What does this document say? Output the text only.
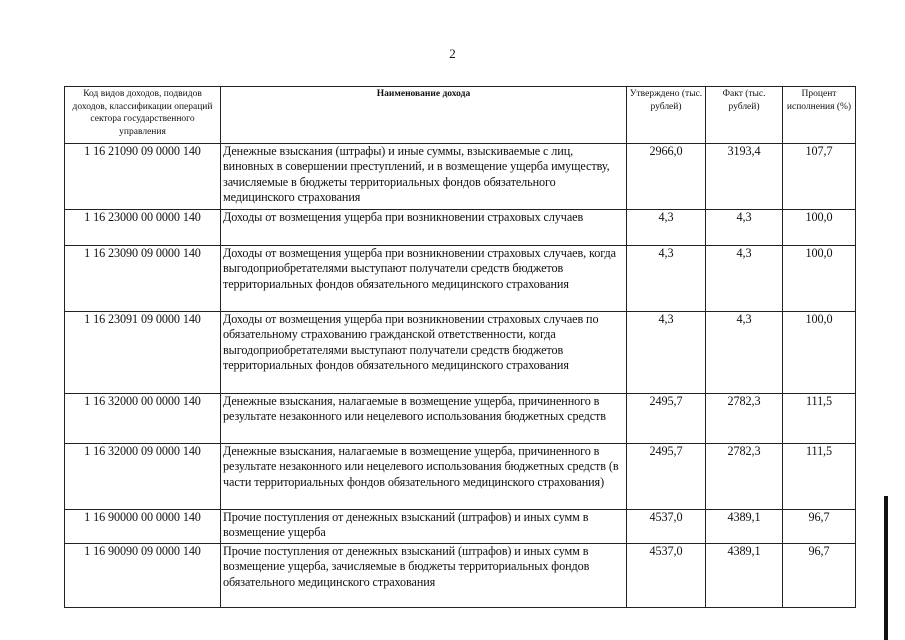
2
Код видов доходов, подвидов доходов, классификации операций сектора государственного управления	Наименование дохода	Утверждено (тыс. рублей)	Факт (тыс. рублей)	Процент исполнения (%)
1 16 21090 09 0000 140	Денежные взыскания (штрафы) и иные суммы, взыскиваемые с лиц, виновных в совершении преступлений, и в возмещение ущерба имуществу, зачисляемые в бюджеты территориальных фондов обязательного медицинского страхования	2966,0	3193,4	107,7
1 16 23000 00 0000 140	Доходы от возмещения ущерба при возникновении страховых случаев	4,3	4,3	100,0
1 16 23090 09 0000 140	Доходы от возмещения ущерба при возникновении страховых случаев, когда выгодоприобретателями выступают получатели средств бюджетов территориальных фондов обязательного медицинского страхования	4,3	4,3	100,0
1 16 23091 09 0000 140	Доходы от возмещения ущерба при возникновении страховых случаев по обязательному страхованию гражданской ответственности, когда выгодоприобретателями выступают получатели средств бюджетов территориальных фондов обязательного медицинского страхования	4,3	4,3	100,0
1 16 32000 00 0000 140	Денежные взыскания, налагаемые в возмещение ущерба, причиненного в результате незаконного или нецелевого использования бюджетных средств	2495,7	2782,3	111,5
1 16 32000 09 0000 140	Денежные взыскания, налагаемые в возмещение ущерба, причиненного в результате незаконного или нецелевого использования бюджетных средств (в части территориальных фондов обязательного медицинского страхования)	2495,7	2782,3	111,5
1 16 90000 00 0000 140	Прочие поступления от денежных взысканий (штрафов) и иных сумм в возмещение ущерба	4537,0	4389,1	96,7
1 16 90090 09 0000 140	Прочие поступления от денежных взысканий (штрафов) и иных сумм в возмещение ущерба, зачисляемые в бюджеты территориальных фондов обязательного медицинского страхования	4537,0	4389,1	96,7
